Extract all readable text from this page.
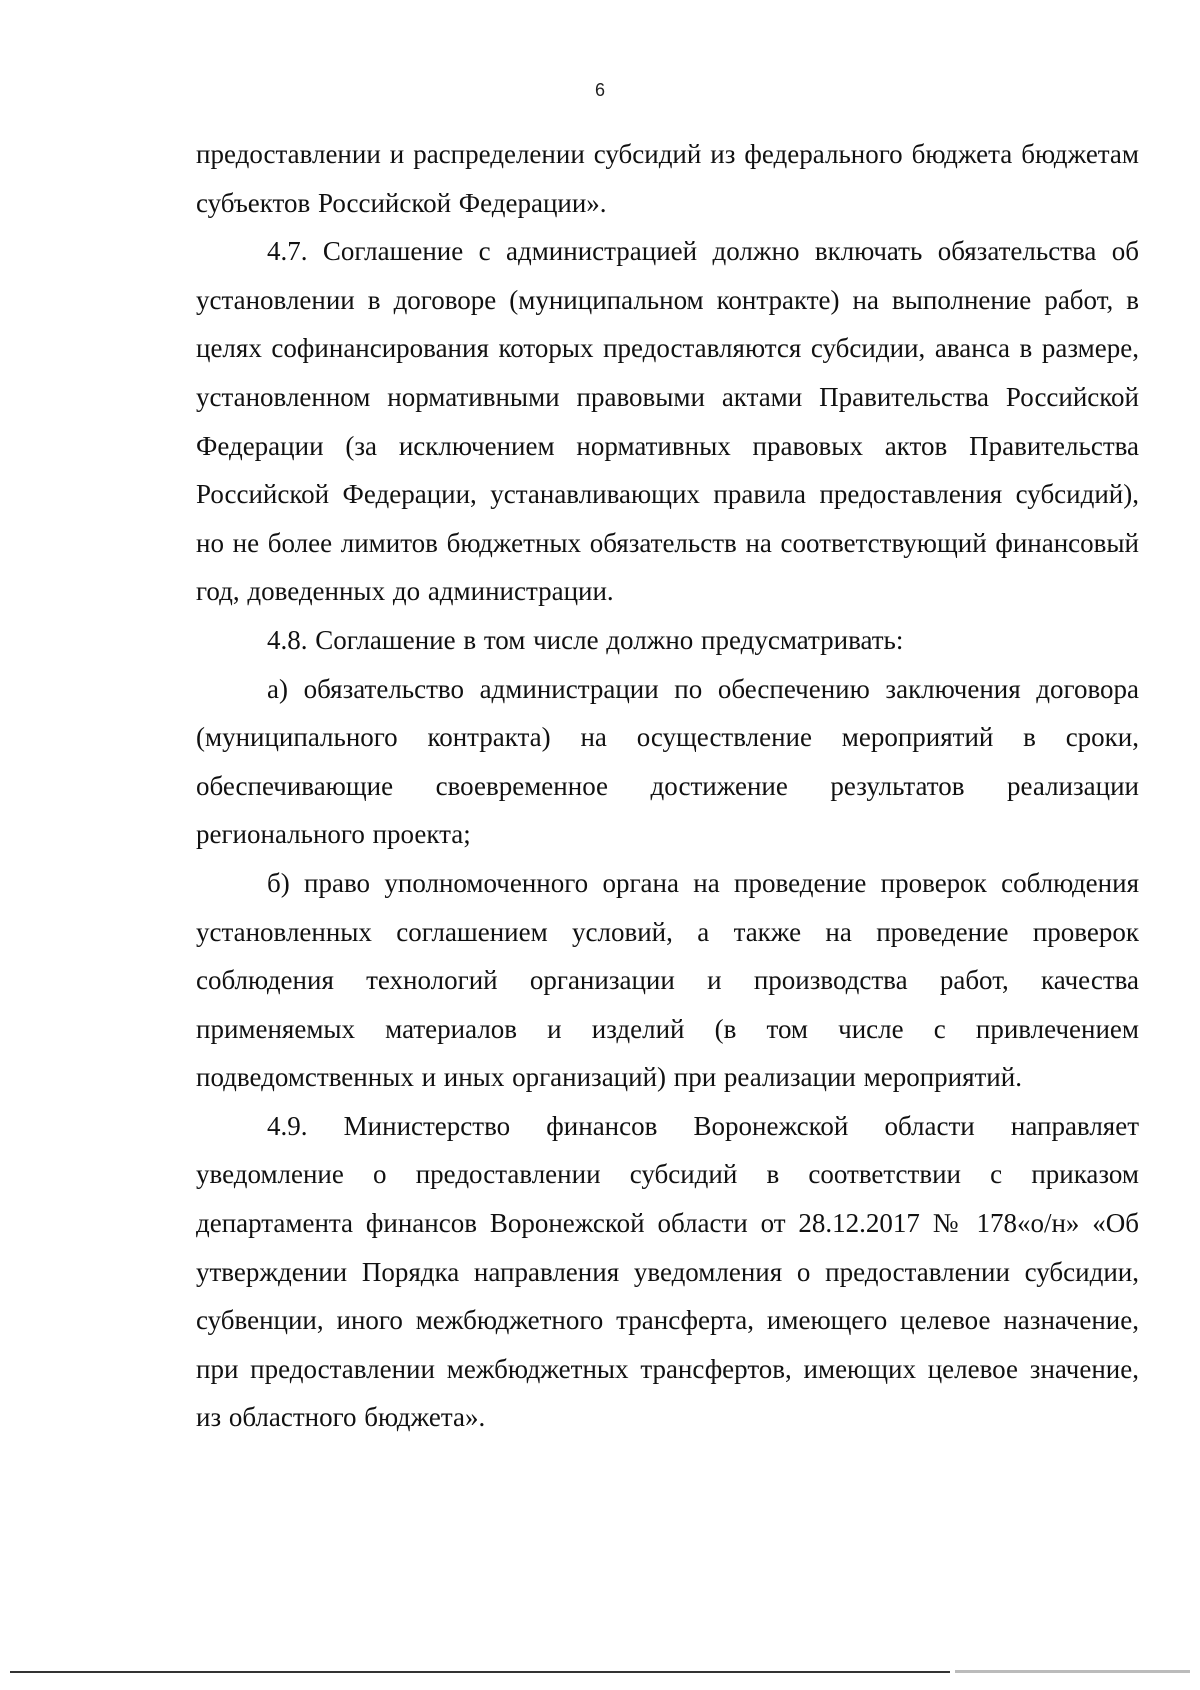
6

предоставлении и распределении субсидий из федерального бюджета бюджетам субъектов Российской Федерации».

4.7. Соглашение с администрацией должно включать обязательства об установлении в договоре (муниципальном контракте) на выполнение работ, в целях софинансирования которых предоставляются субсидии, аванса в размере, установленном нормативными правовыми актами Правительства Российской Федерации (за исключением нормативных правовых актов Правительства Российской Федерации, устанавливающих правила предоставления субсидий), но не более лимитов бюджетных обязательств на соответствующий финансовый год, доведенных до администрации.

4.8. Соглашение в том числе должно предусматривать:

а) обязательство администрации по обеспечению заключения договора (муниципального контракта) на осуществление мероприятий в сроки, обеспечивающие своевременное достижение результатов реализации регионального проекта;

б) право уполномоченного органа на проведение проверок соблюдения установленных соглашением условий, а также на проведение проверок соблюдения технологий организации и производства работ, качества применяемых материалов и изделий (в том числе с привлечением подведомственных и иных организаций) при реализации мероприятий.

4.9. Министерство финансов Воронежской области направляет уведомление о предоставлении субсидий в соответствии с приказом департамента финансов Воронежской области от 28.12.2017 № 178«о/н» «Об утверждении Порядка направления уведомления о предоставлении субсидии, субвенции, иного межбюджетного трансферта, имеющего целевое назначение, при предоставлении межбюджетных трансфертов, имеющих целевое значение, из областного бюджета».
